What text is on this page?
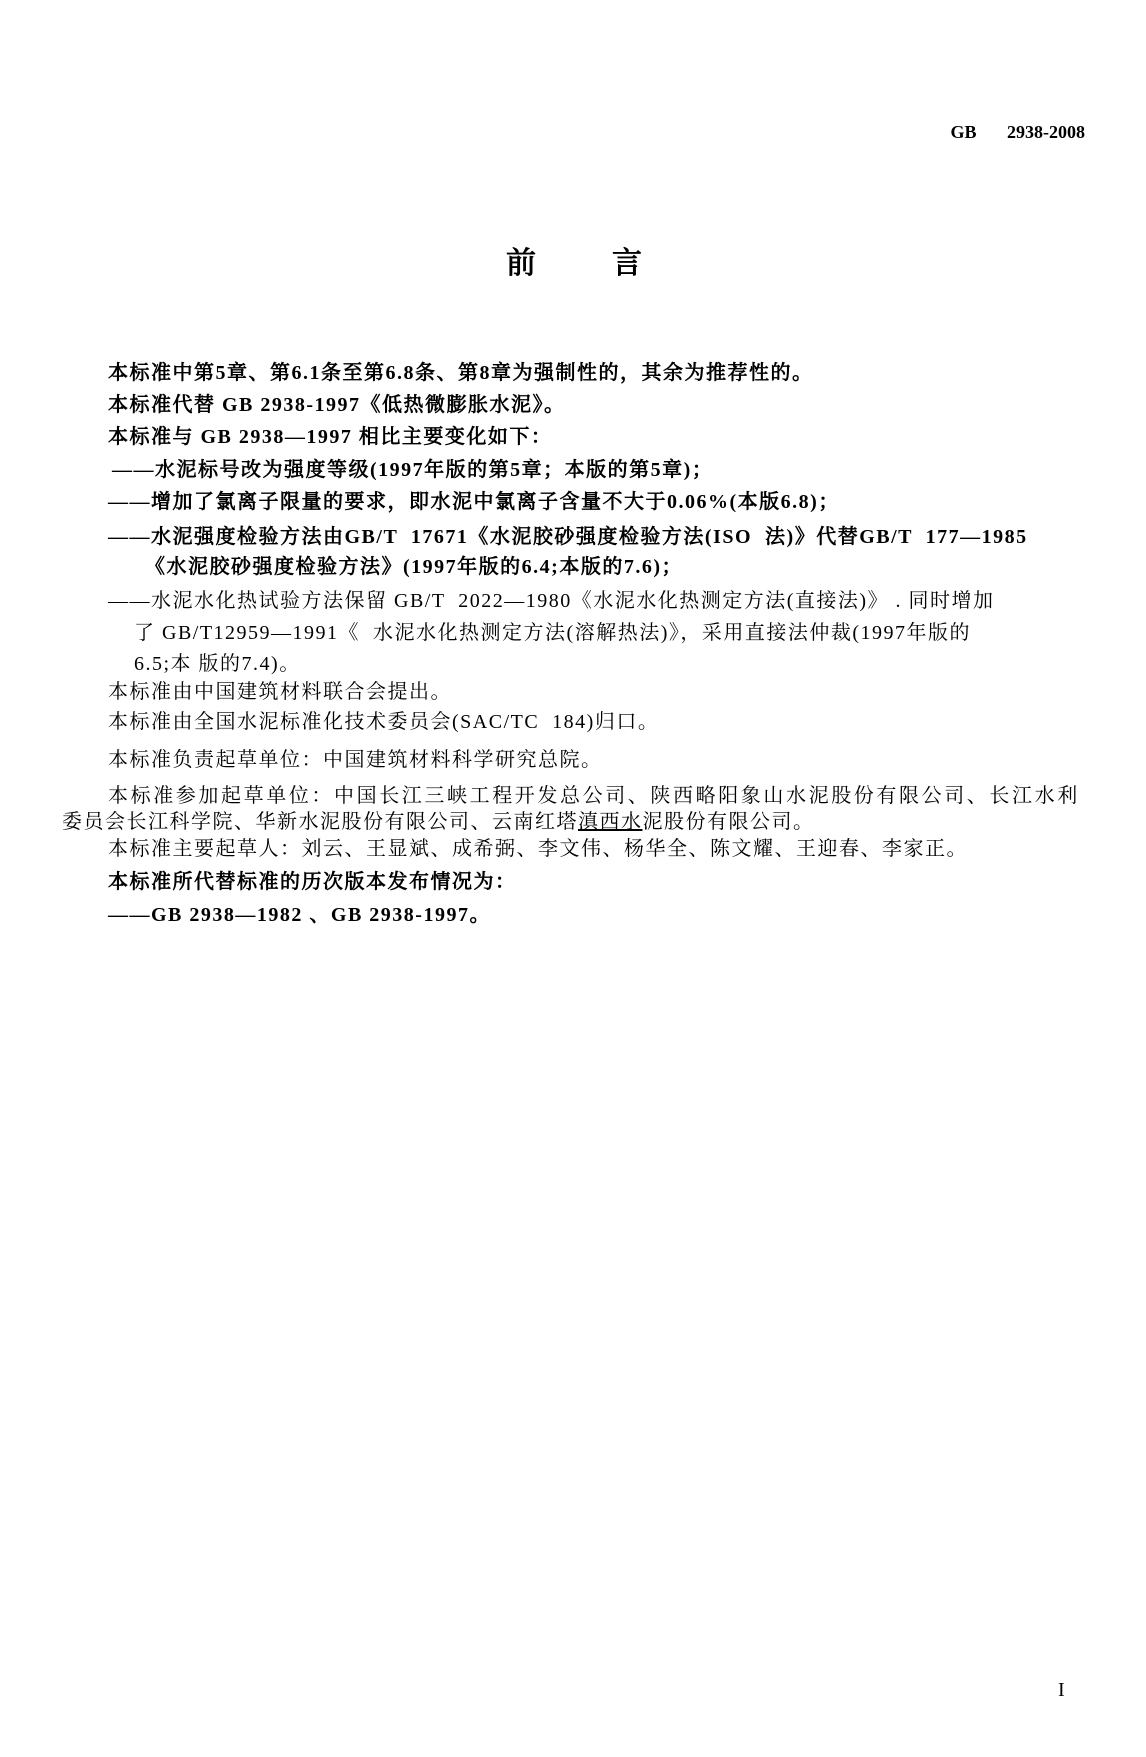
GB 2938-2008
前言
本标准中第5章、第6.1条至第6.8条、第8章为强制性的，其余为推荐性的。
本标准代替 GB 2938-1997《低热微膨胀水泥》。
本标准与 GB 2938—1997 相比主要变化如下：
——水泥标号改为强度等级(1997年版的第5章；本版的第5章)；
——增加了氯离子限量的要求，即水泥中氯离子含量不大于0.06%(本版6.8)；
——水泥强度检验方法由GB/T  17671《水泥胶砂强度检验方法(ISO  法)》代替GB/T  177—1985
《水泥胶砂强度检验方法》(1997年版的6.4;本版的7.6)；
——水泥水化热试验方法保留 GB/T  2022—1980《水泥水化热测定方法(直接法)》 . 同时增加
了 GB/T12959—1991《  水泥水化热测定方法(溶解热法)》，采用直接法仲裁(1997年版的
6.5;本 版的7.4)。
本标准由中国建筑材料联合会提出。
本标准由全国水泥标准化技术委员会(SAC/TC  184)归口。
本标准负责起草单位：中国建筑材料科学研究总院。
本标准参加起草单位：中国长江三峡工程开发总公司、陕西略阳象山水泥股份有限公司、长江水利
委员会长江科学院、华新水泥股份有限公司、云南红塔滇西水泥股份有限公司。
本标准主要起草人：刘云、王显斌、成希弼、李文伟、杨华全、陈文耀、王迎春、李家正。
本标准所代替标准的历次版本发布情况为：
——GB 2938—1982 、GB 2938-1997。
I
